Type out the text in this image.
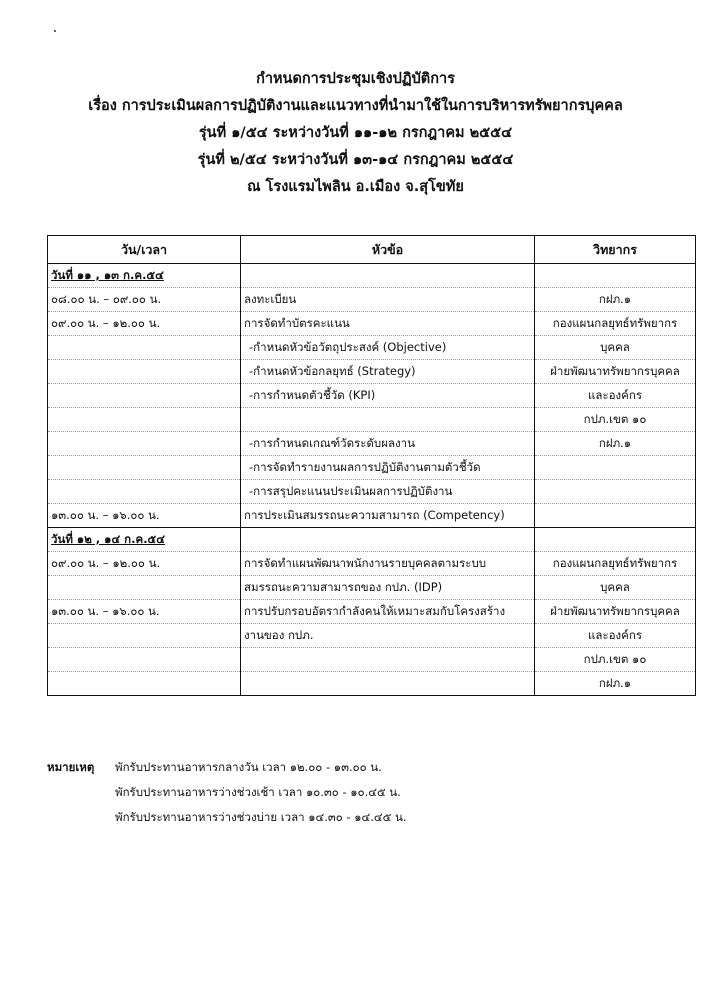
กำหนดการประชุมเชิงปฏิบัติการ
เรื่อง การประเมินผลการปฏิบัติงานและแนวทางที่นำมาใช้ในการบริหารทรัพยากรบุคคล
รุ่นที่ ๑/๕๔ ระหว่างวันที่ ๑๑-๑๒ กรกฎาคม ๒๕๕๔
รุ่นที่ ๒/๕๔ ระหว่างวันที่ ๑๓-๑๔ กรกฎาคม ๒๕๕๔
ณ โรงแรมไพลิน อ.เมือง จ.สุโขทัย
วัน/เวลา	หัวข้อ	วิทยากร
วันที่ ๑๑ , ๑๓ ก.ค.๕๔		
๐๘.๐๐ น. – ๐๙.๐๐ น.	ลงทะเบียน	กฝภ.๑
๐๙.๐๐ น. – ๑๒.๐๐ น.	การจัดทำบัตรคะแนน	กองแผนกลยุทธ์ทรัพยากร
	-กำหนดหัวข้อวัตถุประสงค์ (Objective)	บุคคล
	-กำหนดหัวข้อกลยุทธ์ (Strategy)	ฝ่ายพัฒนาทรัพยากรบุคคล
	-การกำหนดตัวชี้วัด (KPI)	และองค์กร
		กปภ.เขต ๑๐
	-การกำหนดเกณฑ์วัดระดับผลงาน	กฝภ.๑
	-การจัดทำรายงานผลการปฏิบัติงานตามตัวชี้วัด	
	-การสรุปคะแนนประเมินผลการปฏิบัติงาน	
๑๓.๐๐ น. – ๑๖.๐๐ น.	การประเมินสมรรถนะความสามารถ (Competency)	
วันที่ ๑๒ , ๑๔ ก.ค.๕๔		
๐๙.๐๐ น. – ๑๒.๐๐ น.	การจัดทำแผนพัฒนาพนักงานรายบุคคลตามระบบ	กองแผนกลยุทธ์ทรัพยากร
	สมรรถนะความสามารถของ กปภ. (IDP)	บุคคล
๑๓.๐๐ น. – ๑๖.๐๐ น.	การปรับกรอบอัตรากำลังคนให้เหมาะสมกับโครงสร้าง	ฝ่ายพัฒนาทรัพยากรบุคคล
	งานของ กปภ.	และองค์กร
		กปภ.เขต ๑๐
		กฝภ.๑
หมายเหตุ พักรับประทานอาหารกลางวัน เวลา ๑๒.๐๐ - ๑๓.๐๐ น.
พักรับประทานอาหารว่างช่วงเช้า เวลา ๑๐.๓๐ - ๑๐.๔๕ น.
พักรับประทานอาหารว่างช่วงบ่าย เวลา ๑๔.๓๐ - ๑๔.๔๕ น.
